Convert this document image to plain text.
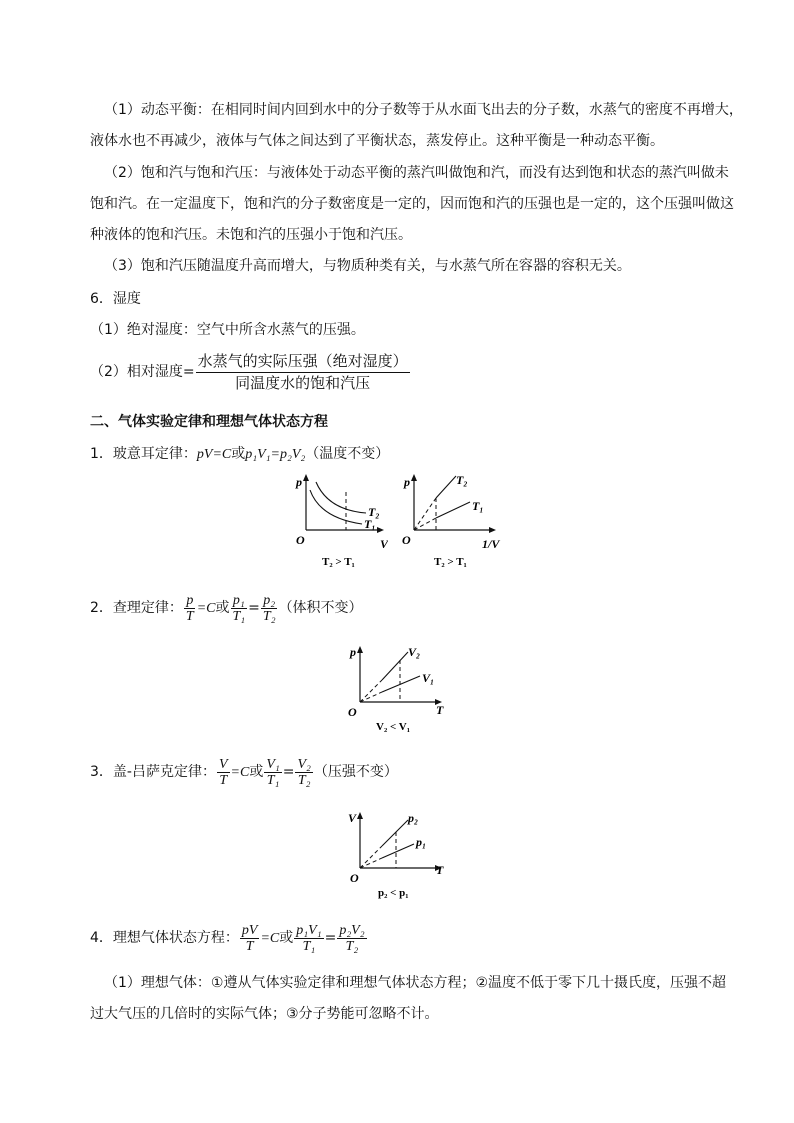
（1）动态平衡：在相同时间内回到水中的分子数等于从水面飞出去的分子数，水蒸气的密度不再增大，
液体水也不再减少，液体与气体之间达到了平衡状态，蒸发停止。这种平衡是一种动态平衡。
（2）饱和汽与饱和汽压：与液体处于动态平衡的蒸汽叫做饱和汽，而没有达到饱和状态的蒸汽叫做未
饱和汽。在一定温度下，饱和汽的分子数密度是一定的，因而饱和汽的压强也是一定的，这个压强叫做这
种液体的饱和汽压。未饱和汽的压强小于饱和汽压。
（3）饱和汽压随温度升高而增大，与物质种类有关，与水蒸气所在容器的容积无关。
6．湿度
（1）绝对湿度：空气中所含水蒸气的压强。
（2）相对湿度= $\frac{\text{水蒸气的实际压强（绝对湿度）}}{\text{同温度水的饱和汽压}}$
二、气体实验定律和理想气体状态方程
1．玻意耳定律：pV=C或p₁V₁=p₂V₂（温度不变）
p
V
O
T₂
T₁
T₂ > T₁
p
1/V
O
T₂
T₁
T₂ > T₁
2．查理定律： $\frac{p}{T} =C$或 $\frac{\text{p₁}}{\text{T₁}} = \frac{\text{p₂}}{\text{T₂}}$ （体积不变）
p
T
O
V₂
V₁
V₂ < V₁
3．盖-吕萨克定律： $\frac{V}{T} =C$或 $\frac{\text{V₁}}{\text{T₁}} = \frac{\text{V₂}}{\text{T₂}}$ （压强不变）
V
T
O
p₂
p₁
p₂ < p₁
4．理想气体状态方程： $\frac{pV}{T} =C$或 $\frac{\text{p₁V₁}}{\text{T₁}} = \frac{\text{p₂V₂}}{\text{T₂}}$
（1）理想气体：①遵从气体实验定律和理想气体状态方程；②温度不低于零下几十摄氏度，压强不超
过大气压的几倍时的实际气体；③分子势能可忽略不计。
